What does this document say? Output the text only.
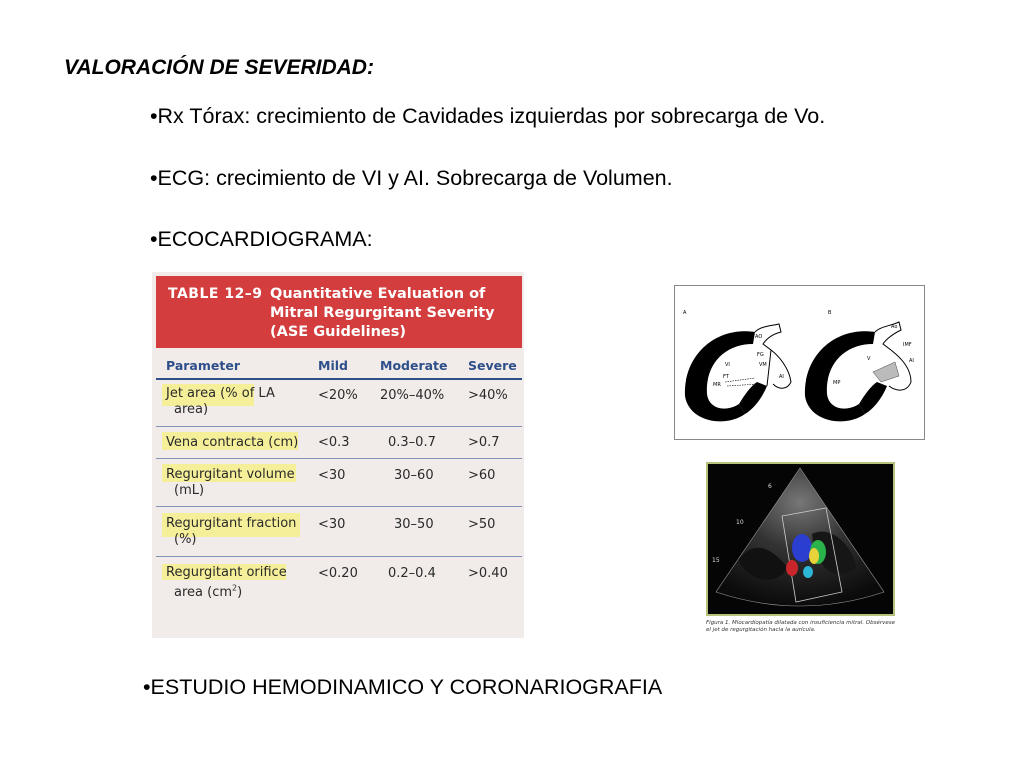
VALORACIÓN DE SEVERIDAD:
•Rx Tórax: crecimiento de Cavidades izquierdas por sobrecarga de Vo.
•ECG: crecimiento de VI y AI. Sobrecarga de Volumen.
•ECOCARDIOGRAMA:
•ESTUDIO HEMODINAMICO Y CORONARIOGRAFIA
TABLE 12–9 Quantitative Evaluation of Mitral Regurgitant Severity (ASE Guidelines)
Parameter	Mild	Moderate Severe
Jet area (% of LA
area)
<20% 20%–40% >40%
Vena contracta (cm) <0.3	0.3–0.7 >0.7
Regurgitant volume
(mL)
<30	30–60	>60
Regurgitant fraction
(%)
<30	30–50	>50
Regurgitant orifice
area $(cm^2)$
<0.20 0.2–0.4 >0.40
A	B
AO
FG
VM
VI
FT
MR
AI
Ao
IMF
AI
MP
V
6
10
15
Figura 1. Miocardiopatía dilatada con insuficiencia mitral. Obsérvese el jet de regurgitación hacia la aurícula.
